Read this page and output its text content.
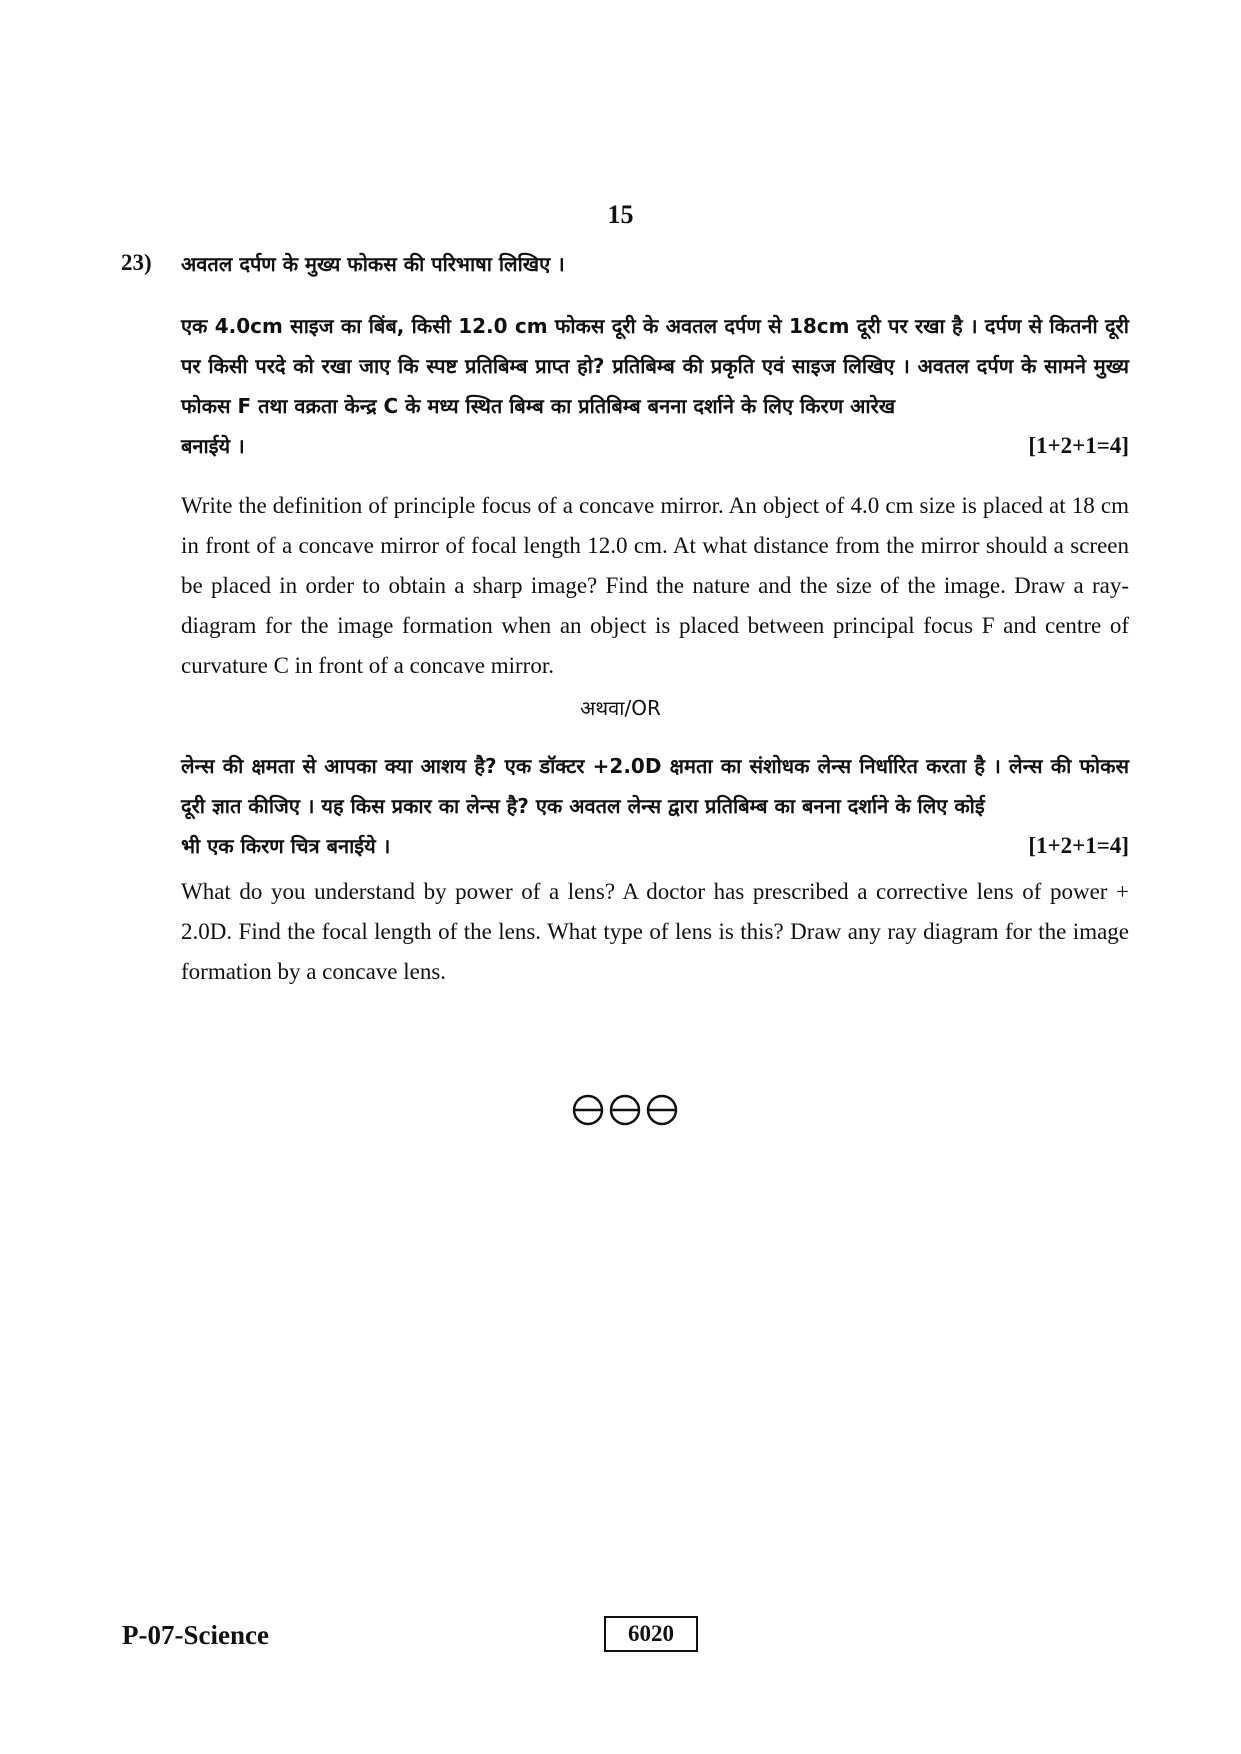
15
23) अवतल दर्पण के मुख्य फोकस की परिभाषा लिखिए ।
एक 4.0cm साइज का बिंब, किसी 12.0 cm फोकस दूरी के अवतल दर्पण से 18cm दूरी पर रखा है । दर्पण से कितनी दूरी पर किसी परदे को रखा जाए कि स्पष्ट प्रतिबिम्ब प्राप्त हो? प्रतिबिम्ब की प्रकृति एवं साइज लिखिए । अवतल दर्पण के सामने मुख्य फोकस F तथा वक्रता केन्द्र C के मध्य स्थित बिम्ब का प्रतिबिम्ब बनना दर्शाने के लिए किरण आरेख
बनाईये ।	[1+2+1=4]
Write the definition of principle focus of a concave mirror. An object of 4.0 cm size is placed at 18 cm in front of a concave mirror of focal length 12.0 cm. At what distance from the mirror should a screen be placed in order to obtain a sharp image? Find the nature and the size of the image. Draw a ray-diagram for the image formation when an object is placed between principal focus F and centre of curvature C in front of a concave mirror.
अथवा/OR
लेन्स की क्षमता से आपका क्या आशय है? एक डॉक्टर +2.0D क्षमता का संशोधक लेन्स निर्धारित करता है । लेन्स की फोकस दूरी ज्ञात कीजिए । यह किस प्रकार का लेन्स है? एक अवतल लेन्स द्वारा प्रतिबिम्ब का बनना दर्शाने के लिए कोई
भी एक किरण चित्र बनाईये ।	[1+2+1=4]
What do you understand by power of a lens? A doctor has prescribed a corrective lens of power + 2.0D. Find the focal length of the lens. What type of lens is this? Draw any ray diagram for the image formation by a concave lens.
P-07-Science	6020
